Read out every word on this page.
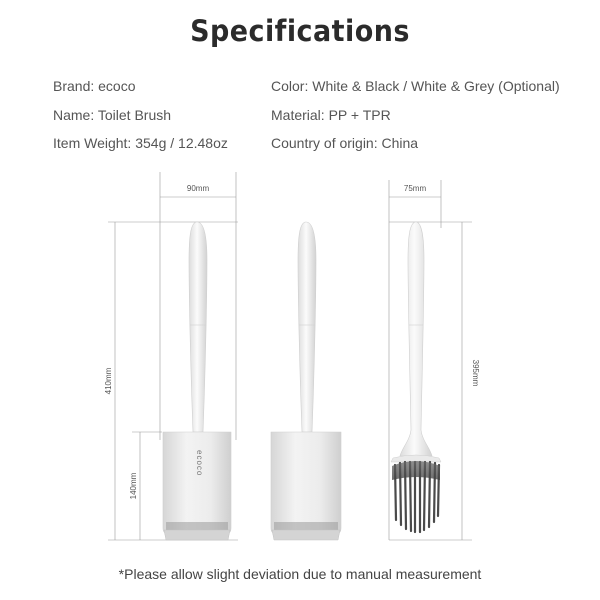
Specifications
Brand: ecoco
Name: Toilet Brush
Item Weight: 354g / 12.48oz
Color: White & Black / White & Grey (Optional)
Material: PP + TPR
Country of origin: China
90mm
410mm
140mm
75mm
395mm
ecoco
*Please allow slight deviation due to manual measurement
